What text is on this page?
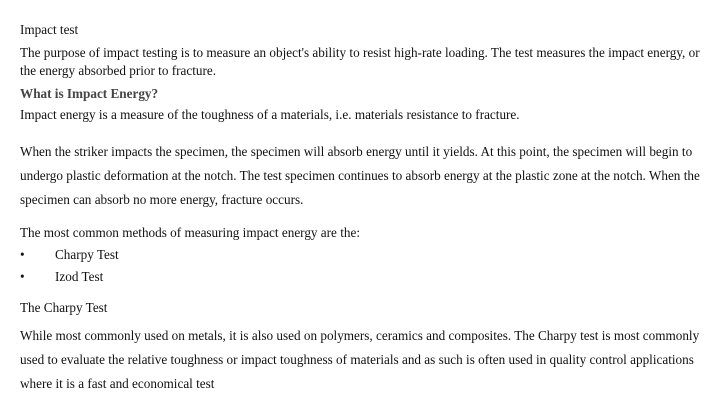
Impact test

The purpose of impact testing is to measure an object's ability to resist high-rate loading. The test measures the impact energy, or the energy absorbed prior to fracture.

What is Impact Energy?

Impact energy is a measure of the toughness of a materials, i.e. materials resistance to fracture.

When the striker impacts the specimen, the specimen will absorb energy until it yields. At this point, the specimen will begin to undergo plastic deformation at the notch. The test specimen continues to absorb energy at the plastic zone at the notch. When the specimen can absorb no more energy, fracture occurs.

The most common methods of measuring impact energy are the:

•	Charpy Test
•	Izod Test

The Charpy Test

While most commonly used on metals, it is also used on polymers, ceramics and composites. The Charpy test is most commonly used to evaluate the relative toughness or impact toughness of materials and as such is often used in quality control applications where it is a fast and economical test
